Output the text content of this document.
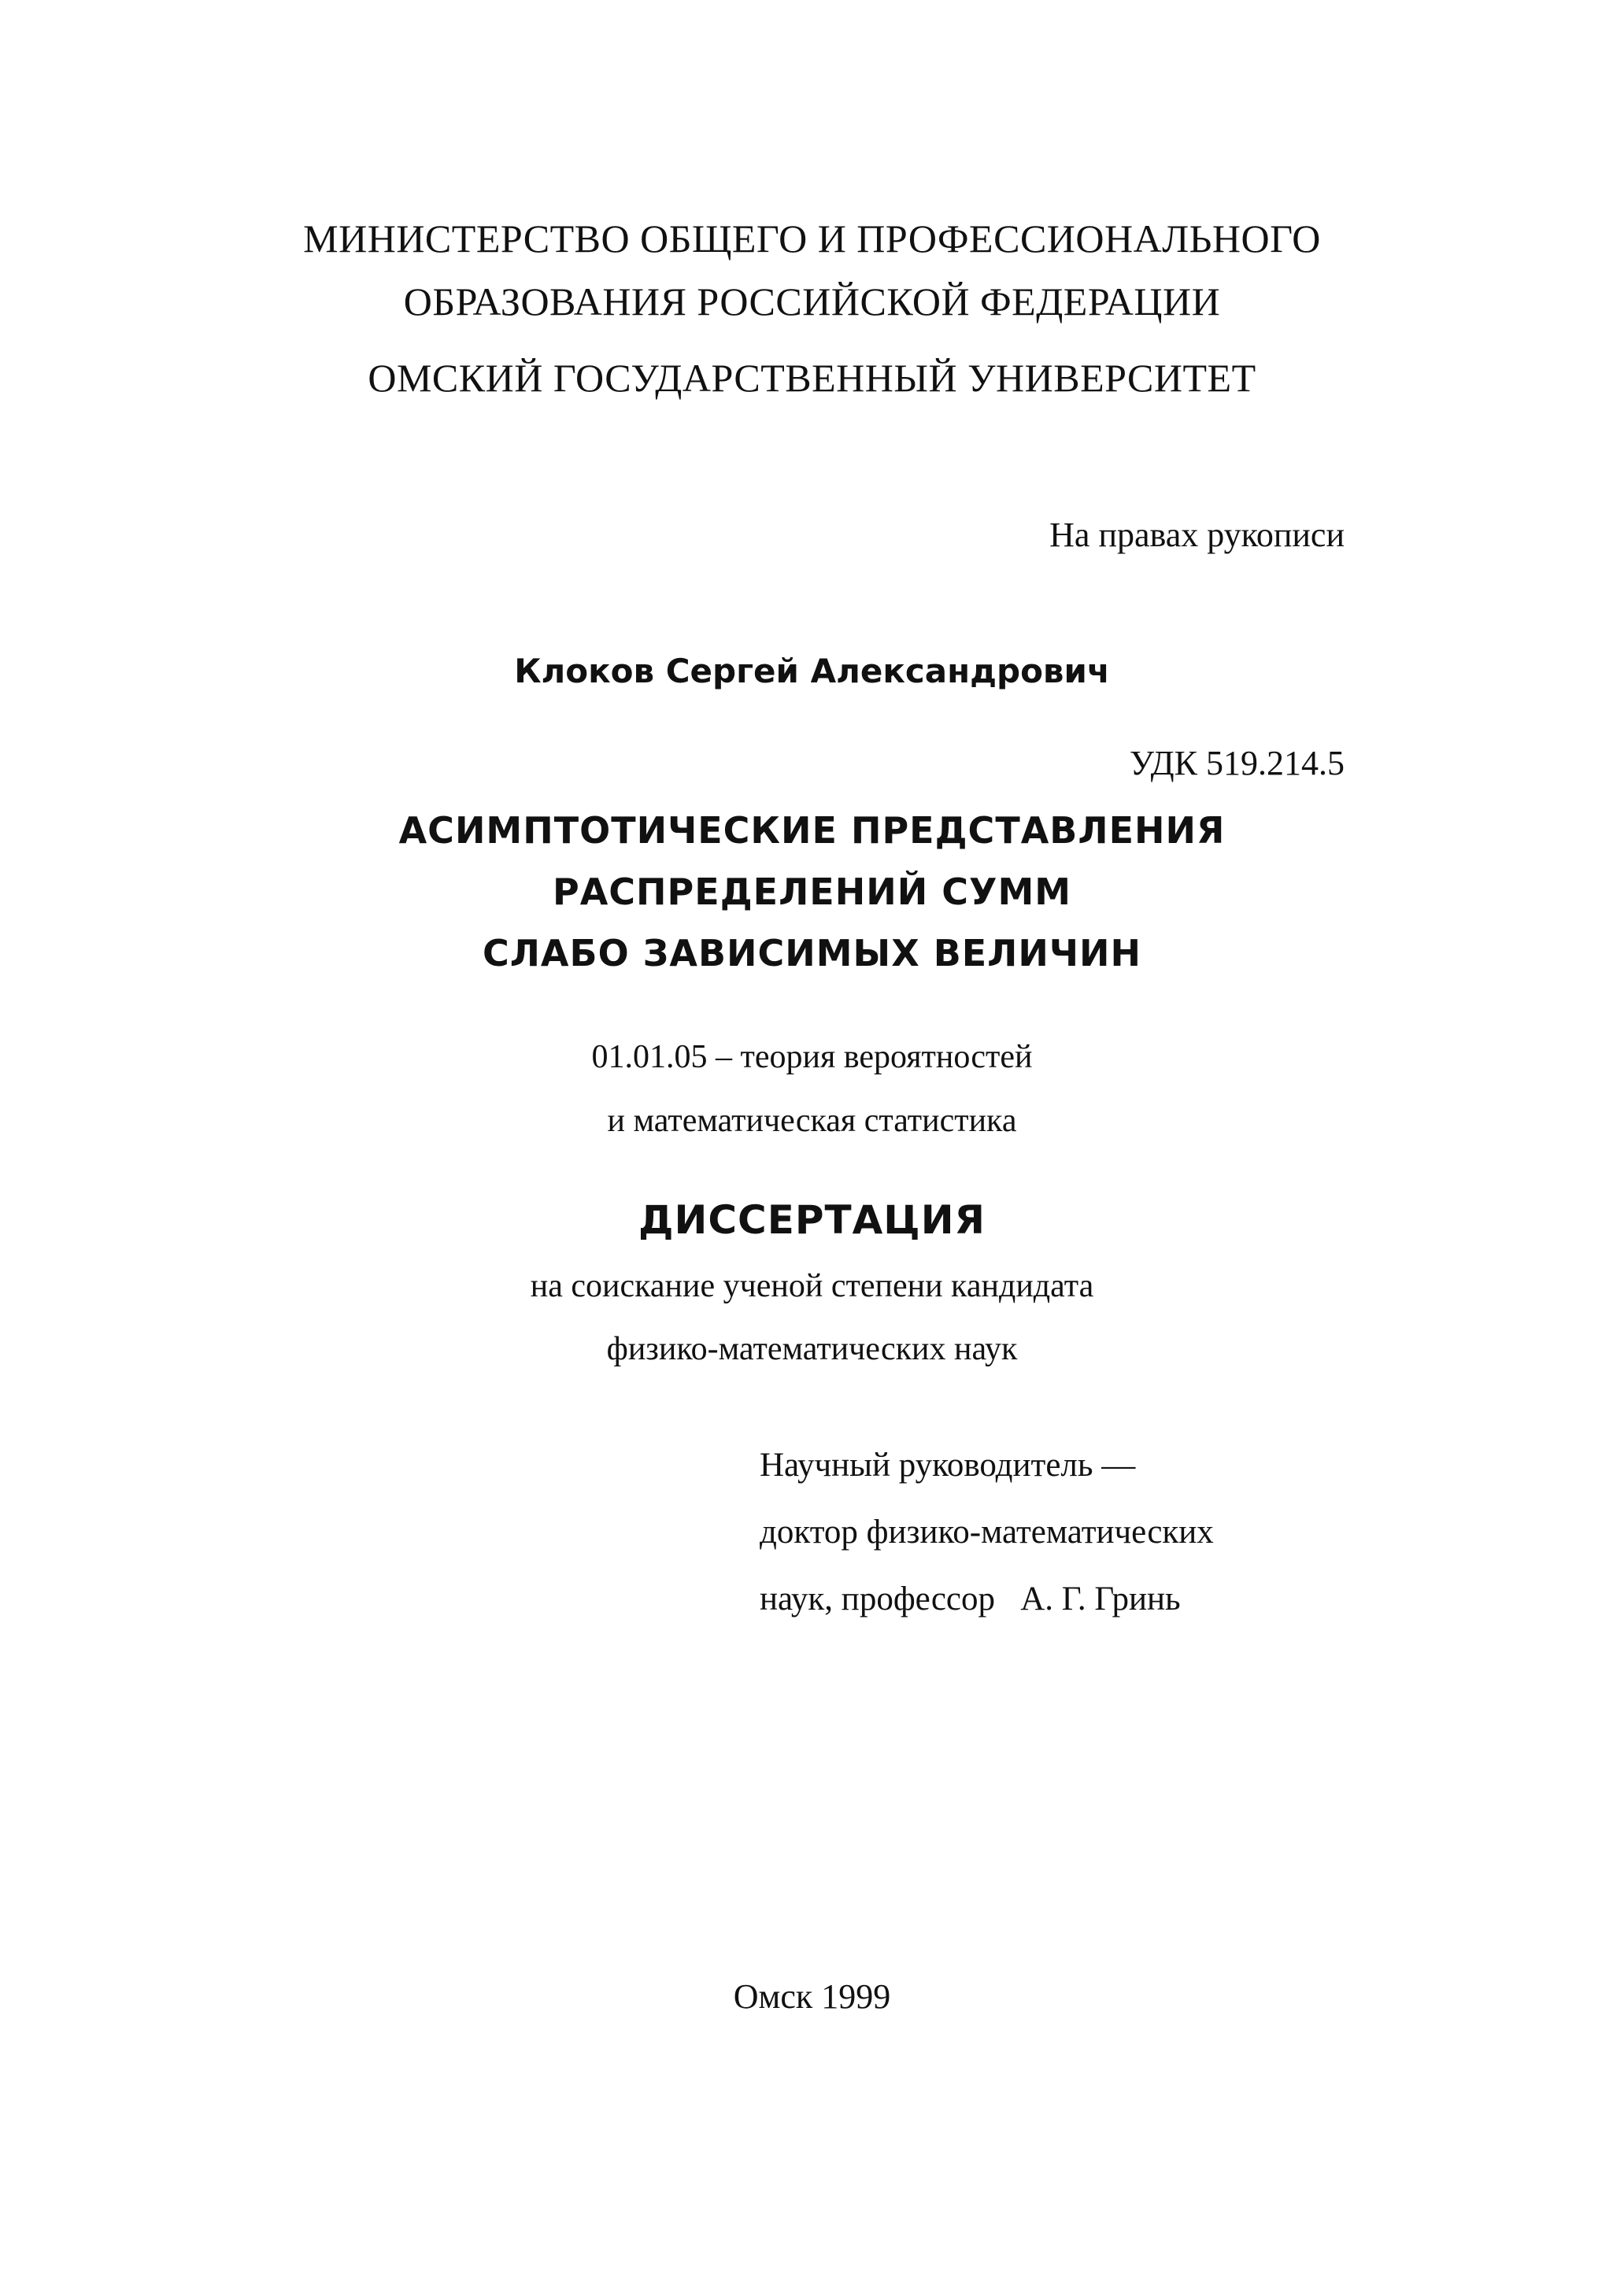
МИНИСТЕРСТВО ОБЩЕГО И ПРОФЕССИОНАЛЬНОГО
ОБРАЗОВАНИЯ РОССИЙСКОЙ ФЕДЕРАЦИИ
ОМСКИЙ ГОСУДАРСТВЕННЫЙ УНИВЕРСИТЕТ
На правах рукописи
Клоков Сергей Александрович
УДК 519.214.5
АСИМПТОТИЧЕСКИЕ ПРЕДСТАВЛЕНИЯ
РАСПРЕДЕЛЕНИЙ СУММ
СЛАБО ЗАВИСИМЫХ ВЕЛИЧИН
01.01.05 – теория вероятностей
и математическая статистика
ДИССЕРТАЦИЯ
на соискание ученой степени кандидата
физико-математических наук
Научный руководитель —
доктор физико-математических
наук, профессор   А. Г. Гринь
Омск 1999
